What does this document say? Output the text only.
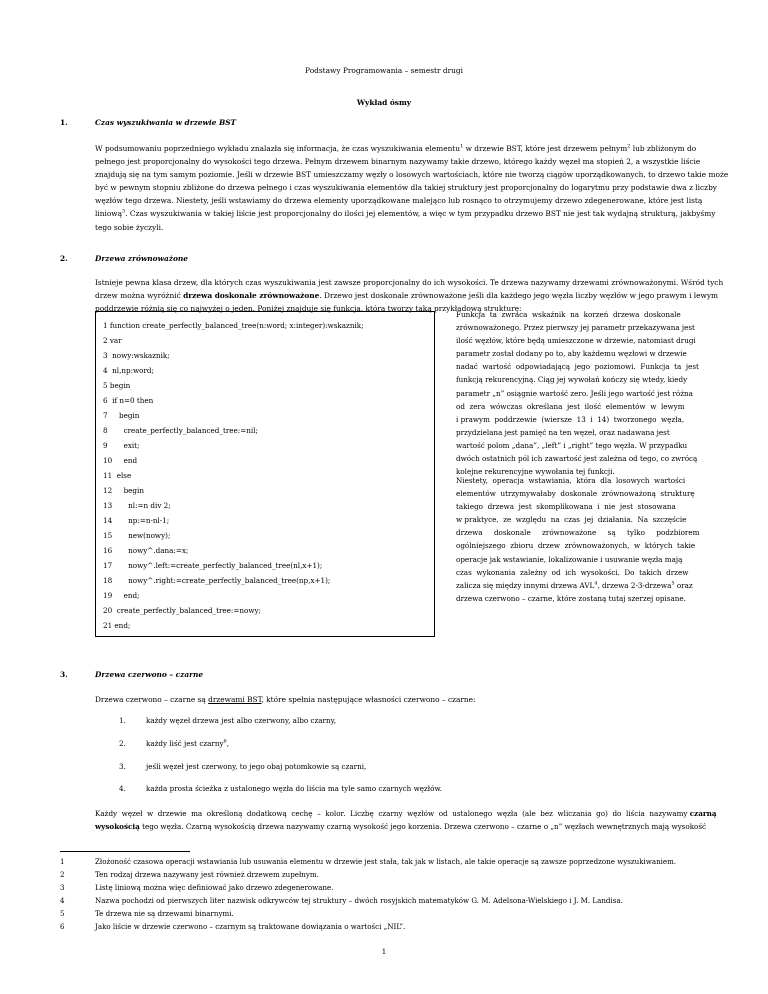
Podstawy Programowania – semestr drugi
Wykład ósmy
1.	Czas wyszukiwania w drzewie BST
W podsumowaniu poprzedniego wykładu znalazła się informacja, że czas wyszukiwania elementu$^1$ w drzewie BST, które jest drzewem pełnym$^2$ lub zbliżonym do
pełnego jest proporcjonalny do wysokości tego drzewa. Pełnym drzewem binarnym nazywamy takie drzewo, którego każdy węzeł ma stopień 2, a wszystkie liście
znajdują się na tym samym poziomie. Jeśli w drzewie BST umieszczamy węzły o losowych wartościach, które nie tworzą ciągów uporządkowanych, to drzewo takie może
być w pewnym stopniu zbliżone do drzewa pełnego i czas wyszukiwania elementów dla takiej struktury jest proporcjonalny do logarytmu przy podstawie dwa z liczby
węzłów tego drzewa. Niestety, jeśli wstawiamy do drzewa elementy uporządkowane malejąco lub rosnąco to otrzymujemy drzewo zdegenerowane, które jest listą
liniową$^3$. Czas wyszukiwania w takiej liście jest proporcjonalny do ilości jej elementów, a więc w tym przypadku drzewo BST nie jest tak wydajną strukturą, jakbyśmy
tego sobie życzyli.
2.	Drzewa zrównoważone
Istnieje pewna klasa drzew, dla których czas wyszukiwania jest zawsze proporcjonalny do ich wysokości. Te drzewa nazywamy drzewami zrównoważonymi. Wśród tych
drzew można wyróżnić drzewa doskonale zrównoważone. Drzewo jest doskonale zrównoważone jeśli dla każdego jego węzła liczby węzłów w jego prawym i lewym
poddrzewie różnią się co najwyżej o jeden. Poniżej znajduje się funkcja, która tworzy taką przykładową strukturę:
1 function create_perfectly_balanced_tree(n:word; x:integer):wskaznik;
2 var
3  nowy:wskaznik;
4  nl,np:word;
5 begin
6  if n=0 then
7     begin
8       create_perfectly_balanced_tree:=nil;
9       exit;
10     end
11  else
12     begin
13       nl:=n div 2;
14       np:=n-nl-1;
15       new(nowy);
16       nowy^.dana:=x;
17       nowy^.left:=create_perfectly_balanced_tree(nl,x+1);
18       nowy^.right:=create_perfectly_balanced_tree(np,x+1);
19     end;
20  create_perfectly_balanced_tree:=nowy;
21 end;
Funkcja  ta  zwraca  wskaźnik  na  korzeń  drzewa  doskonale
zrównoważonego. Przez pierwszy jej parametr przekazywana jest
ilość węzłów, które będą umieszczone w drzewie, natomiast drugi
parametr został dodany po to, aby każdemu węzłowi w drzewie
nadać  wartość  odpowiadającą  jego  poziomowi.  Funkcja  ta  jest
funkcją rekurencyjną. Ciąg jej wywołań kończy się wtedy, kiedy
parametr „n” osiągnie wartość zero. Jeśli jego wartość jest różna
od  zera  wówczas  określana  jest  ilość  elementów  w  lewym
i prawym  poddrzewie  (wiersze  13  i  14)  tworzonego  węzła,
przydzielana jest pamięć na ten węzeł, oraz nadawana jest
wartość polom „dana”, „left” i „right” tego węzła. W przypadku
dwóch ostatnich pól ich zawartość jest zależna od tego, co zwrócą
kolejne rekurencyjne wywołania tej funkcji.
Niestety,  operacja  wstawiania,  która  dla  losowych  wartości
elementów  utrzymywałaby  doskonale  zrównoważoną  strukturę
takiego  drzewa  jest  skomplikowana  i  nie  jest  stosowana
w praktyce,  ze  względu  na  czas  jej  działania.  Na  szczęście
drzewa     doskonale     zrównoważone     są     tylko     podzbiorem
ogólniejszego  zbioru  drzew  zrównoważonych,  w  których  takie
operacje jak wstawianie, lokalizowanie i usuwanie węzła mają
czas  wykonania  zależny  od  ich  wysokości.  Do  takich  drzew
zalicza się między innymi drzewa AVL$^4$, drzewa 2-3-drzewa$^5$ oraz
drzewa czerwono – czarne, które zostaną tutaj szerzej opisane.
3.	Drzewa czerwono – czarne
Drzewa czerwono – czarne są drzewami BST, które spełnia następujące własności czerwono – czarne:
1.	każdy węzeł drzewa jest albo czerwony, albo czarny,
2.	każdy liść jest czarny$^6$,
3.	jeśli węzeł jest czerwony, to jego obaj potomkowie są czarni,
4.	każda prosta ścieżka z ustalonego węzła do liścia ma tyle samo czarnych węzłów.
Każdy  węzeł  w  drzewie  ma  określoną  dodatkową  cechę  –  kolor.  Liczbę  czarny  węzłów  od  ustalonego  węzła  (ale  bez  wliczania  go)  do  liścia  nazywamy czarną
wysokością tego węzła. Czarną wysokością drzewa nazywamy czarną wysokość jego korzenia. Drzewa czerwono – czarne o „n” węzłach wewnętrznych mają wysokość
1	Złożoność czasowa operacji wstawiania lub usuwania elementu w drzewie jest stała, tak jak w listach, ale takie operacje są zawsze poprzedzone wyszukiwaniem.
2	Ten rodzaj drzewa nazywany jest również drzewem zupełnym.
3	Listę liniową można więc definiować jako drzewo zdegenerowane.
4	Nazwa pochodzi od pierwszych liter nazwisk odkrywców tej struktury – dwóch rosyjskich matematyków G. M. Adelsona-Wielskiego i J. M. Landisa.
5	Te drzewa nie są drzewami binarnymi.
6	Jako liście w drzewie czerwono – czarnym są traktowane dowiązania o wartości „NIL”.
1
